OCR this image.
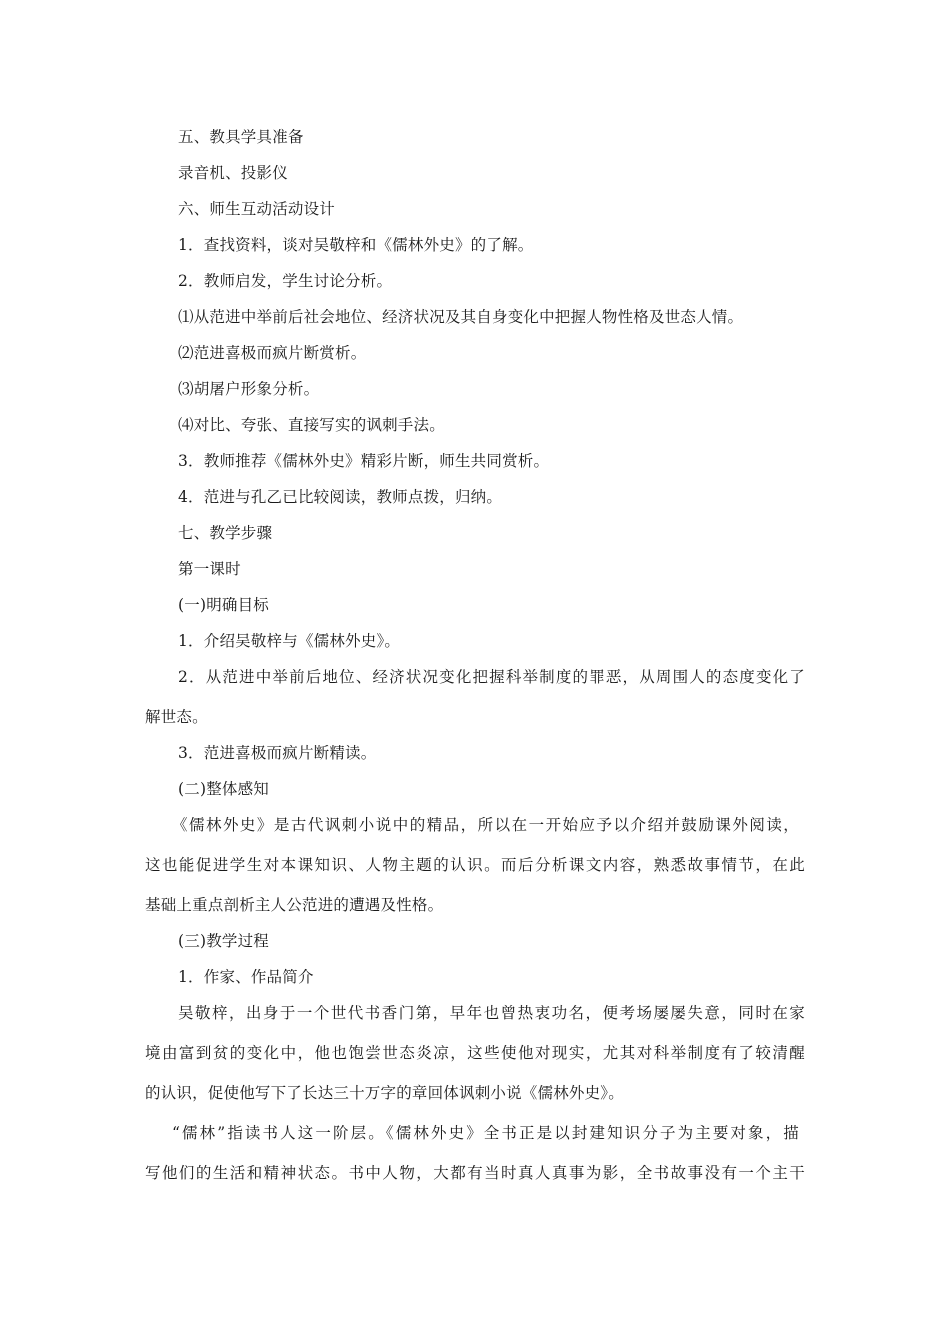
五、教具学具准备
录音机、投影仪
六、师生互动活动设计
1．查找资料，谈对吴敬梓和《儒林外史》的了解。
2．教师启发，学生讨论分析。
⑴从范进中举前后社会地位、经济状况及其自身变化中把握人物性格及世态人情。
⑵范进喜极而疯片断赏析。
⑶胡屠户形象分析。
⑷对比、夸张、直接写实的讽刺手法。
3．教师推荐《儒林外史》精彩片断，师生共同赏析。
4．范进与孔乙已比较阅读，教师点拨，归纳。
七、教学步骤
第一课时
(一)明确目标
1．介绍吴敬梓与《儒林外史》。
2．从范进中举前后地位、经济状况变化把握科举制度的罪恶，从周围人的态度变化了
解世态。
3．范进喜极而疯片断精读。
(二)整体感知
《儒林外史》是古代讽刺小说中的精品，所以在一开始应予以介绍并鼓励课外阅读，
这也能促进学生对本课知识、人物主题的认识。而后分析课文内容，熟悉故事情节，在此
基础上重点剖析主人公范进的遭遇及性格。
(三)教学过程
1．作家、作品简介
吴敬梓，出身于一个世代书香门第，早年也曾热衷功名，便考场屡屡失意，同时在家
境由富到贫的变化中，他也饱尝世态炎凉，这些使他对现实，尤其对科举制度有了较清醒
的认识，促使他写下了长达三十万字的章回体讽刺小说《儒林外史》。
“儒林”指读书人这一阶层。《儒林外史》全书正是以封建知识分子为主要对象，描
写他们的生活和精神状态。书中人物，大都有当时真人真事为影，全书故事没有一个主干
